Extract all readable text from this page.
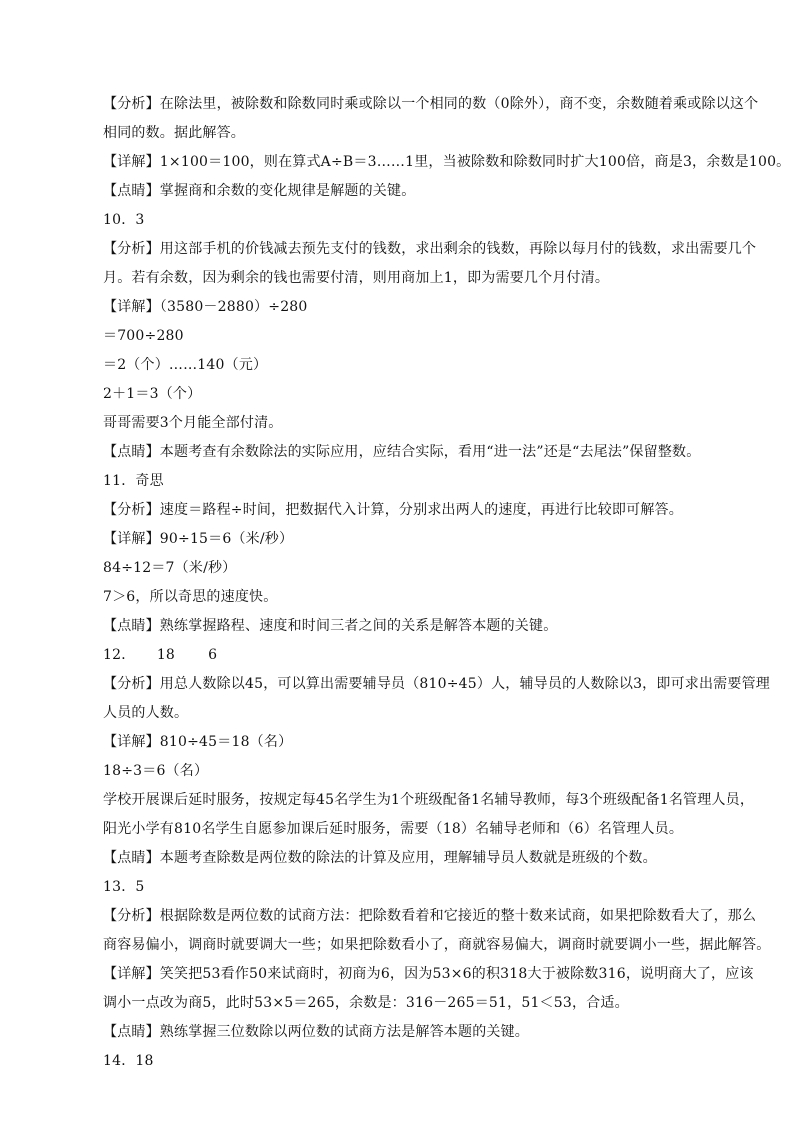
【分析】在除法里，被除数和除数同时乘或除以一个相同的数（0除外），商不变，余数随着乘或除以这个
相同的数。据此解答。
【详解】1×100＝100，则在算式A÷B＝3……1里，当被除数和除数同时扩大100倍，商是3，余数是100。
【点睛】掌握商和余数的变化规律是解题的关键。
10．3
【分析】用这部手机的价钱减去预先支付的钱数，求出剩余的钱数，再除以每月付的钱数，求出需要几个
月。若有余数，因为剩余的钱也需要付清，则用商加上1，即为需要几个月付清。
【详解】（3580－2880）÷280
＝700÷280
＝2（个）……140（元）
2＋1＝3（个）
哥哥需要3个月能全部付清。
【点睛】本题考查有余数除法的实际应用，应结合实际，看用“进一法”还是“去尾法”保留整数。
11．奇思
【分析】速度＝路程÷时间，把数据代入计算，分别求出两人的速度，再进行比较即可解答。
【详解】90÷15＝6（米/秒）
84÷12＝7（米/秒）
7＞6，所以奇思的速度快。
【点睛】熟练掌握路程、速度和时间三者之间的关系是解答本题的关键。
12．　　18　　 6
【分析】用总人数除以45，可以算出需要辅导员（810÷45）人，辅导员的人数除以3，即可求出需要管理
人员的人数。
【详解】810÷45＝18（名）
18÷3＝6（名）
学校开展课后延时服务，按规定每45名学生为1个班级配备1名辅导教师，每3个班级配备1名管理人员，
阳光小学有810名学生自愿参加课后延时服务，需要（18）名辅导老师和（6）名管理人员。
【点睛】本题考查除数是两位数的除法的计算及应用，理解辅导员人数就是班级的个数。
13．5
【分析】根据除数是两位数的试商方法：把除数看着和它接近的整十数来试商，如果把除数看大了，那么
商容易偏小，调商时就要调大一些；如果把除数看小了，商就容易偏大，调商时就要调小一些，据此解答。
【详解】笑笑把53看作50来试商时，初商为6，因为53×6的积318大于被除数316，说明商大了，应该
调小一点改为商5，此时53×5＝265，余数是：316－265＝51，51＜53，合适。
【点睛】熟练掌握三位数除以两位数的试商方法是解答本题的关键。
14．18
